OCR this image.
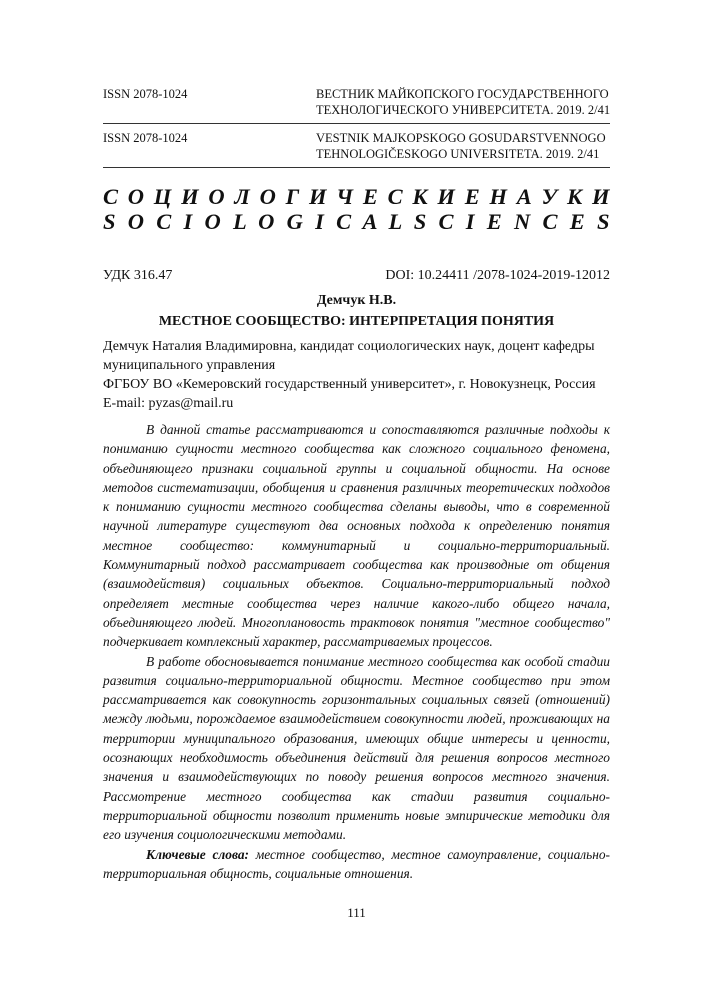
ISSN 2078-1024	ВЕСТНИК МАЙКОПСКОГО ГОСУДАРСТВЕННОГО
ТЕХНОЛОГИЧЕСКОГО УНИВЕРСИТЕТА. 2019. 2/41
ISSN 2078-1024	VESTNIK MAJKOPSKOGO GOSUDARSTVENNOGO
TEHNOLOGIČESKOGO UNIVERSITETA. 2019. 2/41
С О Ц И О Л О Г И Ч Е С К И Е Н А У К И
S O C I O L O G I C A L S C I E N C E S
УДК 316.47	DOI: 10.24411 /2078-1024-2019-12012
Демчук Н.В.
МЕСТНОЕ СООБЩЕСТВО: ИНТЕРПРЕТАЦИЯ ПОНЯТИЯ

Демчук Наталия Владимировна, кандидат социологических наук, доцент кафедры муниципального управления

ФГБОУ ВО «Кемеровский государственный университет», г. Новокузнецк, Россия

E-mail: pyzas@mail.ru

В данной статье рассматриваются и сопоставляются различные подходы к пониманию сущности местного сообщества как сложного социального феномена, объединяющего признаки социальной группы и социальной общности. На основе методов систематизации, обобщения и сравнения различных теоретических подходов к пониманию сущности местного сообщества сделаны выводы, что в современной научной литературе существуют два основных подхода к определению понятия местное сообщество: коммунитарный и социально-территориальный. Коммунитарный подход рассматривает сообщества как производные от общения (взаимодействия) социальных объектов. Социально-территориальный подход определяет местные сообщества через наличие какого-либо общего начала, объединяющего людей. Многоплановость трактовок понятия "местное сообщество" подчеркивает комплексный характер, рассматриваемых процессов.

В работе обосновывается понимание местного сообщества как особой стадии развития социально-территориальной общности. Местное сообщество при этом рассматривается как совокупность горизонтальных социальных связей (отношений) между людьми, порождаемое взаимодействием совокупности людей, проживающих на территории муниципального образования, имеющих общие интересы и ценности, осознающих необходимость объединения действий для решения вопросов местного значения и взаимодействующих по поводу решения вопросов местного значения. Рассмотрение местного сообщества как стадии развития социально-территориальной общности позволит применить новые эмпирические методики для его изучения социологическими методами.

Ключевые слова: местное сообщество, местное самоуправление, социально-территориальная общность, социальные отношения.

111
